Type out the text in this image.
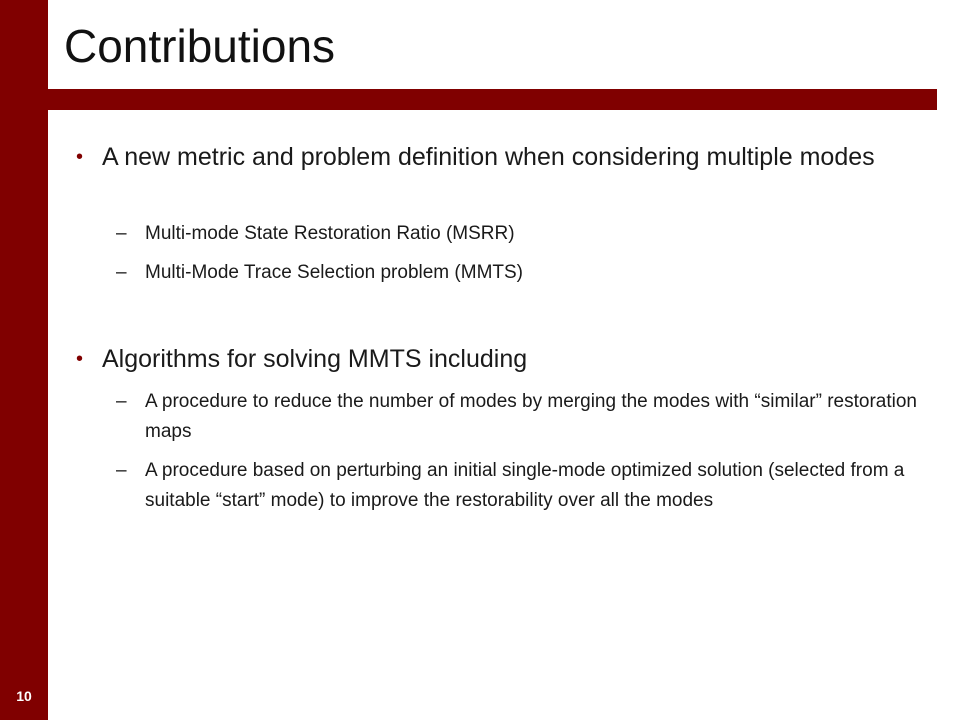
10
Contributions
• A new metric and problem definition when considering multiple modes
– Multi-mode State Restoration Ratio (MSRR)
– Multi-Mode Trace Selection problem (MMTS)
• Algorithms for solving MMTS including
– A procedure to reduce the number of modes by merging the modes with “similar” restoration maps
– A procedure based on perturbing an initial single-mode optimized solution (selected from a suitable “start” mode) to improve the restorability over all the modes
